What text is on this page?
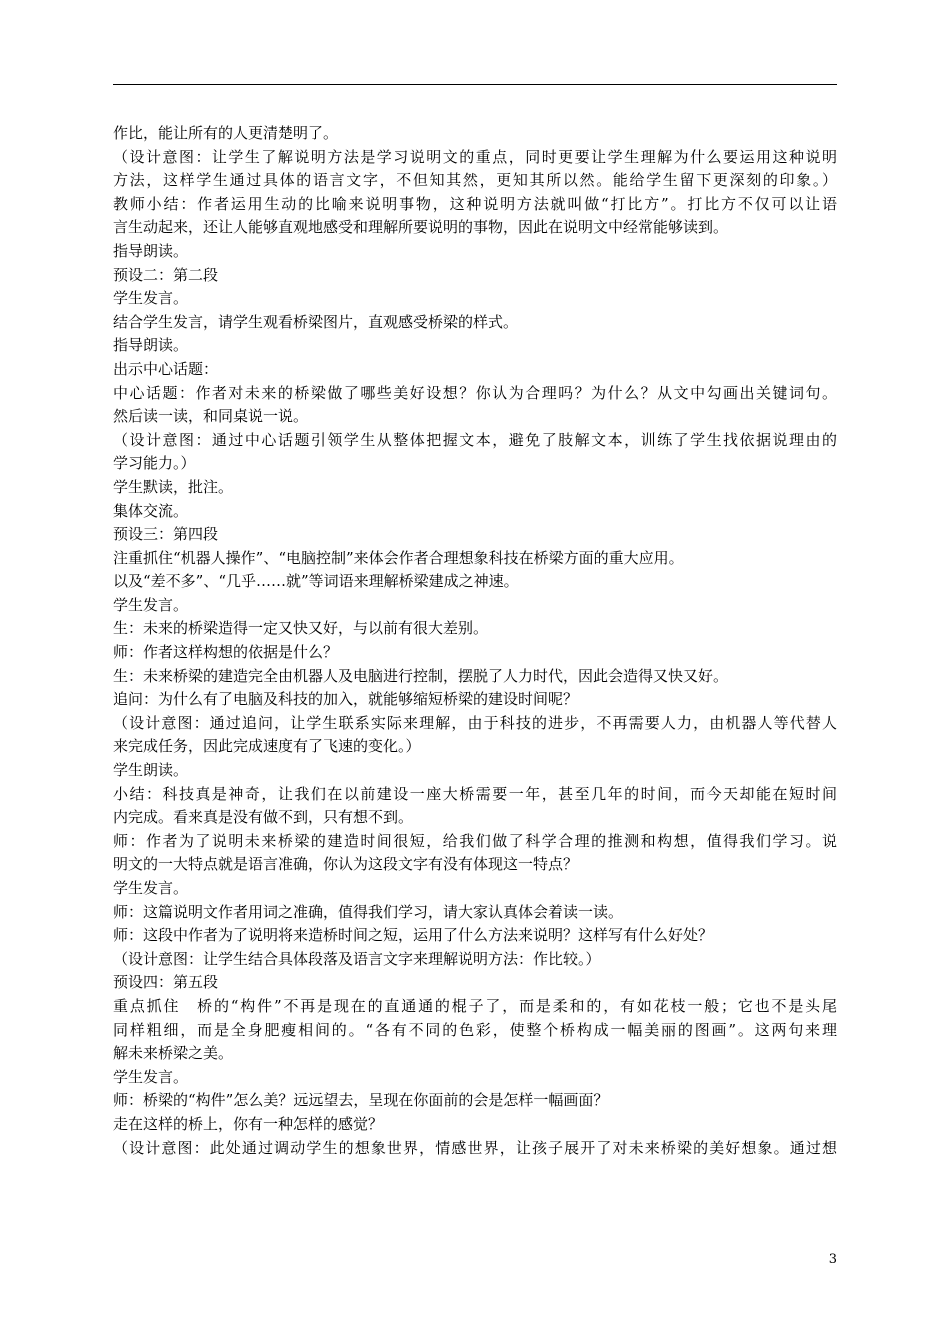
作比，能让所有的人更清楚明了。
（设计意图：让学生了解说明方法是学习说明文的重点，同时更要让学生理解为什么要运用这种说明
方法，这样学生通过具体的语言文字，不但知其然，更知其所以然。能给学生留下更深刻的印象。）
教师小结：作者运用生动的比喻来说明事物，这种说明方法就叫做“打比方”。打比方不仅可以让语
言生动起来，还让人能够直观地感受和理解所要说明的事物，因此在说明文中经常能够读到。
指导朗读。
预设二：第二段
学生发言。
结合学生发言，请学生观看桥梁图片，直观感受桥梁的样式。
指导朗读。
出示中心话题：
中心话题：作者对未来的桥梁做了哪些美好设想？你认为合理吗？为什么？从文中勾画出关键词句。
然后读一读，和同桌说一说。
（设计意图：通过中心话题引领学生从整体把握文本，避免了肢解文本，训练了学生找依据说理由的
学习能力。）
学生默读，批注。
集体交流。
预设三：第四段
注重抓住“机器人操作”、“电脑控制”来体会作者合理想象科技在桥梁方面的重大应用。
以及“差不多”、“几乎……就”等词语来理解桥梁建成之神速。
学生发言。
生：未来的桥梁造得一定又快又好，与以前有很大差别。
师：作者这样构想的依据是什么？
生：未来桥梁的建造完全由机器人及电脑进行控制，摆脱了人力时代，因此会造得又快又好。
追问：为什么有了电脑及科技的加入，就能够缩短桥梁的建设时间呢？
（设计意图：通过追问，让学生联系实际来理解，由于科技的进步，不再需要人力，由机器人等代替人
来完成任务，因此完成速度有了飞速的变化。）
学生朗读。
小结：科技真是神奇，让我们在以前建设一座大桥需要一年，甚至几年的时间，而今天却能在短时间
内完成。看来真是没有做不到，只有想不到。
师：作者为了说明未来桥梁的建造时间很短，给我们做了科学合理的推测和构想，值得我们学习。说
明文的一大特点就是语言准确，你认为这段文字有没有体现这一特点？
学生发言。
师：这篇说明文作者用词之准确，值得我们学习，请大家认真体会着读一读。
师：这段中作者为了说明将来造桥时间之短，运用了什么方法来说明？这样写有什么好处？
（设计意图：让学生结合具体段落及语言文字来理解说明方法：作比较。）
预设四：第五段
重点抓住　桥的“构件”不再是现在的直通通的棍子了，而是柔和的，有如花枝一般；它也不是头尾
同样粗细，而是全身肥瘦相间的。“各有不同的色彩，使整个桥构成一幅美丽的图画”。这两句来理
解未来桥梁之美。
学生发言。
师：桥梁的“构件”怎么美？远远望去，呈现在你面前的会是怎样一幅画面？
走在这样的桥上，你有一种怎样的感觉？
（设计意图：此处通过调动学生的想象世界，情感世界，让孩子展开了对未来桥梁的美好想象。通过想
3
